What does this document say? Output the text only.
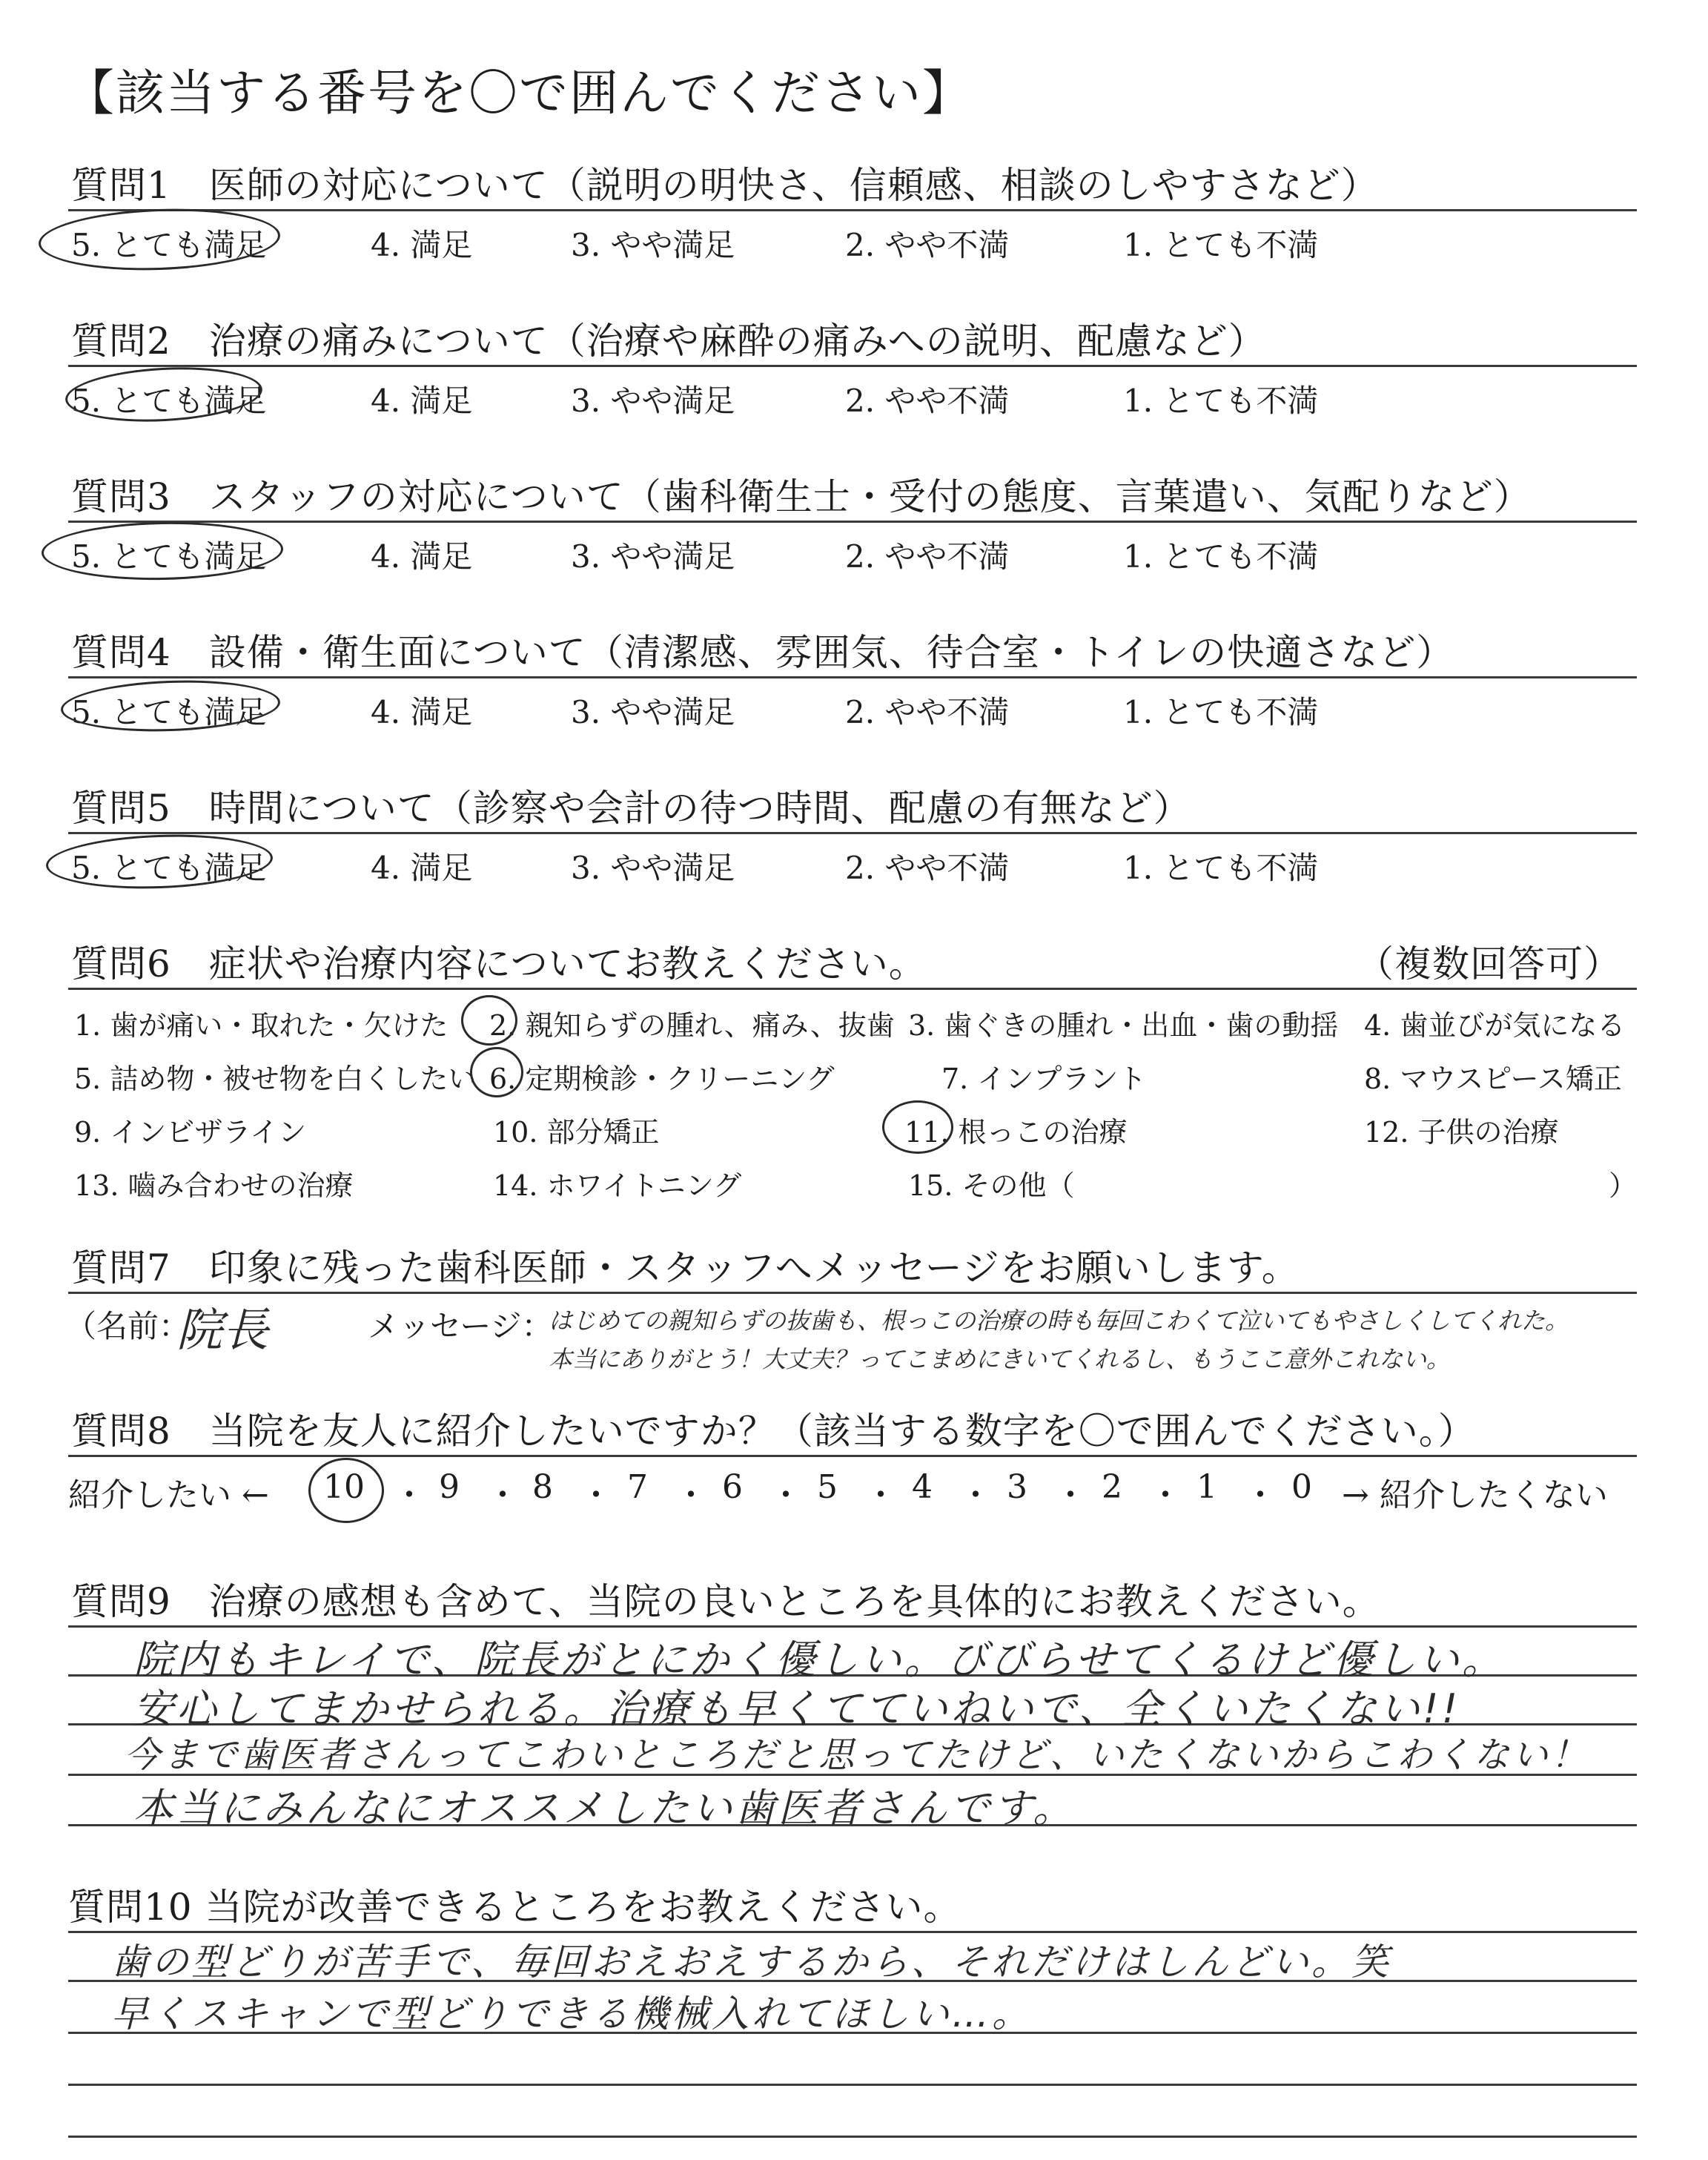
【該当する番号を〇で囲んでください】
質問1　医師の対応について（説明の明快さ、信頼感、相談のしやすさなど）
5. とても満足	4. 満足	3. やや満足	2. やや不満	1. とても不満
質問2　治療の痛みについて（治療や麻酔の痛みへの説明、配慮など）
5. とても満足	4. 満足	3. やや満足	2. やや不満	1. とても不満
質問3　スタッフの対応について（歯科衛生士・受付の態度、言葉遣い、気配りなど）
5. とても満足	4. 満足	3. やや満足	2. やや不満	1. とても不満
質問4　設備・衛生面について（清潔感、雰囲気、待合室・トイレの快適さなど）
5. とても満足	4. 満足	3. やや満足	2. やや不満	1. とても不満
質問5　時間について（診察や会計の待つ時間、配慮の有無など）
5. とても満足	4. 満足	3. やや満足	2. やや不満	1. とても不満
質問6　症状や治療内容についてお教えください。	（複数回答可）
1. 歯が痛い・取れた・欠けた 2. 親知らずの腫れ、痛み、抜歯 3. 歯ぐきの腫れ・出血・歯の動揺 4. 歯並びが気になる
5. 詰め物・被せ物を白くしたい 6. 定期検診・クリーニング	7. インプラント	8. マウスピース矯正
9. インビザライン	10. 部分矯正	11. 根っこの治療	12. 子供の治療
13. 嚙み合わせの治療	14. ホワイトニング	15. その他（	）
質問7　印象に残った歯科医師・スタッフへメッセージをお願いします。
（名前：
院長	メッセージ：
はじめての親知らずの抜歯も、根っこの治療の時も毎回こわくて泣いてもやさしくしてくれた。
本当にありがとう！大丈夫？ってこまめにきいてくれるし、もうここ意外これない。
質問8　当院を友人に紹介したいですか？（該当する数字を〇で囲んでください。）
紹介したい ← 10 ・ 9 ・ 8 ・ 7 ・ 6 ・ 5 ・ 4 ・ 3 ・ 2 ・ 1 ・ 0 → 紹介したくない
質問9　治療の感想も含めて、当院の良いところを具体的にお教えください。
院内もキレイで、院長がとにかく優しい。びびらせてくるけど優しい。
安心してまかせられる。治療も早くてていねいで、全くいたくない!!
今まで歯医者さんってこわいところだと思ってたけど、いたくないからこわくない！
本当にみんなにオススメしたい歯医者さんです。
質問10 当院が改善できるところをお教えください。
歯の型どりが苦手で、毎回おえおえするから、それだけはしんどい。笑
早くスキャンで型どりできる機械入れてほしい…。
